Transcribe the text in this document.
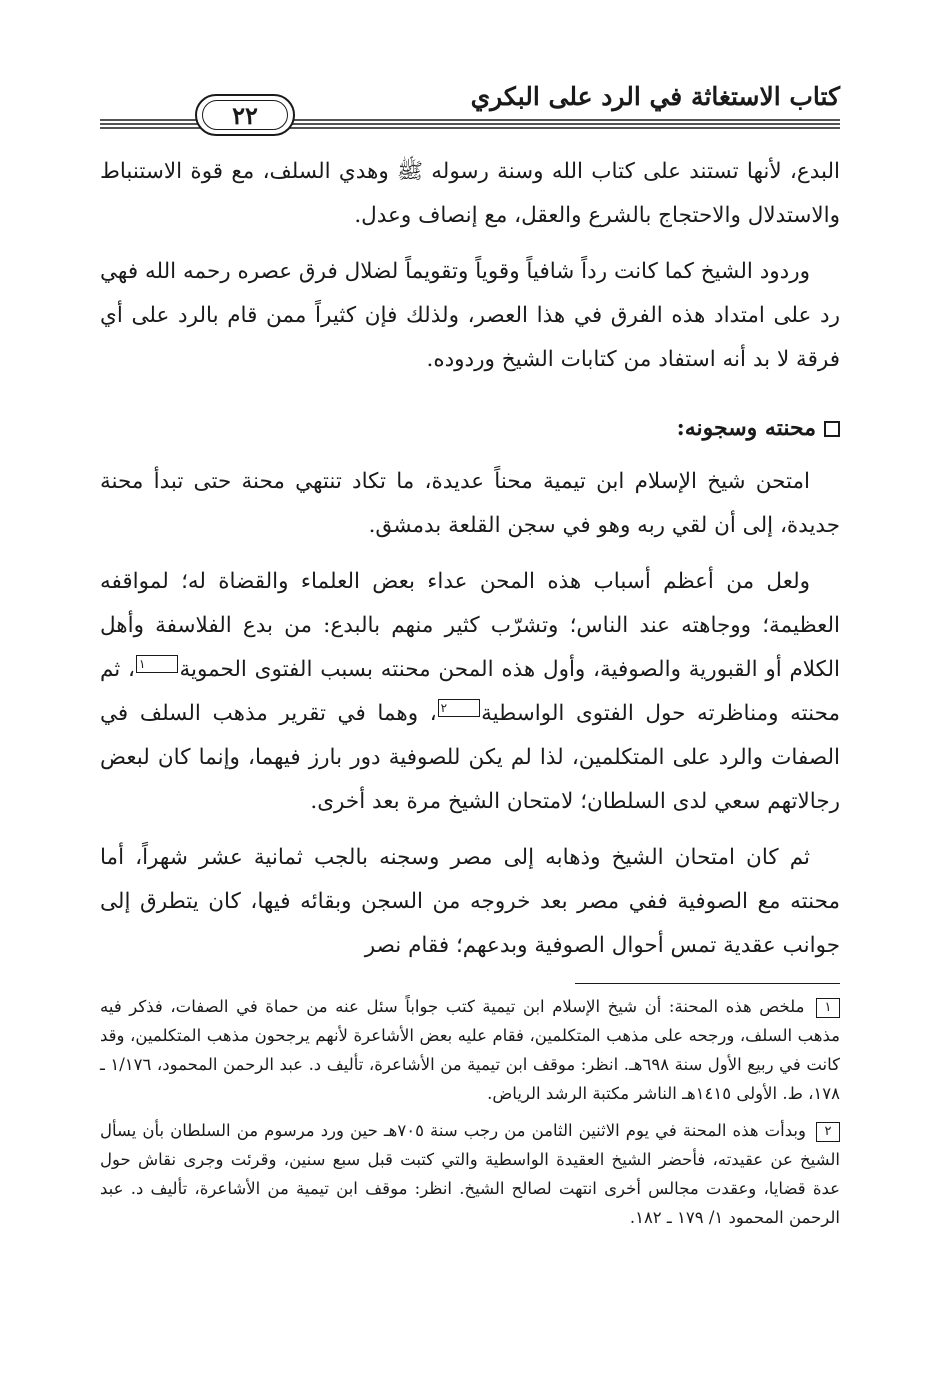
كتاب الاستغاثة في الرد على البكري
٢٢

البدع، لأنها تستند على كتاب الله وسنة رسوله ﷺ وهدي السلف، مع قوة الاستنباط والاستدلال والاحتجاج بالشرع والعقل، مع إنصاف وعدل.

وردود الشيخ كما كانت رداً شافياً وقوياً وتقويماً لضلال فرق عصره رحمه الله فهي رد على امتداد هذه الفرق في هذا العصر، ولذلك فإن كثيراً ممن قام بالرد على أي فرقة لا بد أنه استفاد من كتابات الشيخ وردوده.

محنته وسجونه:

امتحن شيخ الإسلام ابن تيمية محناً عديدة، ما تكاد تنتهي محنة حتى تبدأ محنة جديدة، إلى أن لقي ربه وهو في سجن القلعة بدمشق.

ولعل من أعظم أسباب هذه المحن عداء بعض العلماء والقضاة له؛ لمواقفه العظيمة؛ ووجاهته عند الناس؛ وتشرّب كثير منهم بالبدع: من بدع الفلاسفة وأهل الكلام أو القبورية والصوفية، وأول هذه المحن محنته بسبب الفتوى الحموية١، ثم محنته ومناظرته حول الفتوى الواسطية٢، وهما في تقرير مذهب السلف في الصفات والرد على المتكلمين، لذا لم يكن للصوفية دور بارز فيهما، وإنما كان لبعض رجالاتهم سعي لدى السلطان؛ لامتحان الشيخ مرة بعد أخرى.

ثم كان امتحان الشيخ وذهابه إلى مصر وسجنه بالجب ثمانية عشر شهراً، أما محنته مع الصوفية ففي مصر بعد خروجه من السجن وبقائه فيها، كان يتطرق إلى جوانب عقدية تمس أحوال الصوفية وبدعهم؛ فقام نصر

١ ملخص هذه المحنة: أن شيخ الإسلام ابن تيمية كتب جواباً سئل عنه من حماة في الصفات، فذكر فيه مذهب السلف، ورجحه على مذهب المتكلمين، فقام عليه بعض الأشاعرة لأنهم يرجحون مذهب المتكلمين، وقد كانت في ربيع الأول سنة ٦٩٨هـ. انظر: موقف ابن تيمية من الأشاعرة، تأليف د. عبد الرحمن المحمود، ١/١٧٦ ـ ١٧٨، ط. الأولى ١٤١٥هـ الناشر مكتبة الرشد الرياض.

٢ وبدأت هذه المحنة في يوم الاثنين الثامن من رجب سنة ٧٠٥هـ حين ورد مرسوم من السلطان بأن يسأل الشيخ عن عقيدته، فأحضر الشيخ العقيدة الواسطية والتي كتبت قبل سبع سنين، وقرئت وجرى نقاش حول عدة قضايا، وعقدت مجالس أخرى انتهت لصالح الشيخ. انظر: موقف ابن تيمية من الأشاعرة، تأليف د. عبد الرحمن المحمود ١/ ١٧٩ ـ ١٨٢.
